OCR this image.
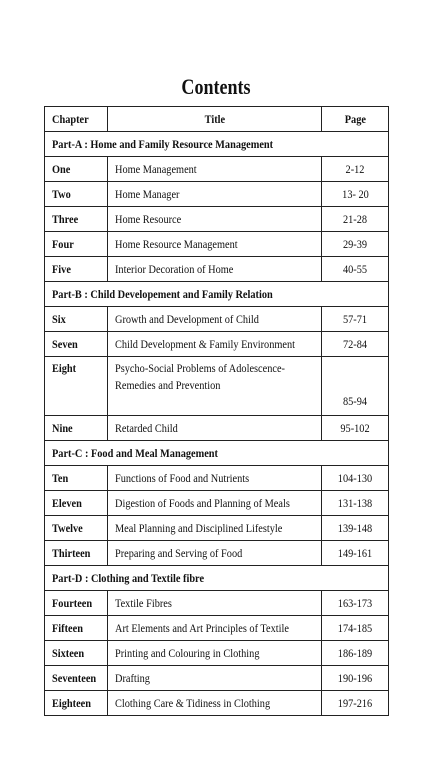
Contents
Chapter	Title	Page
Part-A : Home and Family Resource Management		
One	Home Management	2-12
Two	Home Manager	13- 20
Three	Home Resource	21-28
Four	Home Resource Management	29-39
Five	Interior Decoration of Home	40-55
Part-B : Child Developement and Family Relation		
Six	Growth and Development of Child	57-71
Seven	Child Development & Family Environment	72-84
Eight	Psycho-Social Problems of Adolescence-
Remedies and Prevention	85-94
Nine	Retarded Child	95-102
Part-C : Food and Meal Management		
Ten	Functions of Food and Nutrients	104-130
Eleven	Digestion of Foods and Planning of Meals	131-138
Twelve	Meal Planning and Disciplined Lifestyle	139-148
Thirteen	Preparing and Serving of Food	149-161
Part-D : Clothing and Textile fibre		
Fourteen	Textile Fibres	163-173
Fifteen	Art Elements and Art Principles of Textile	174-185
Sixteen	Printing and Colouring in Clothing	186-189
Seventeen	Drafting	190-196
Eighteen	Clothing Care & Tidiness in Clothing	197-216
